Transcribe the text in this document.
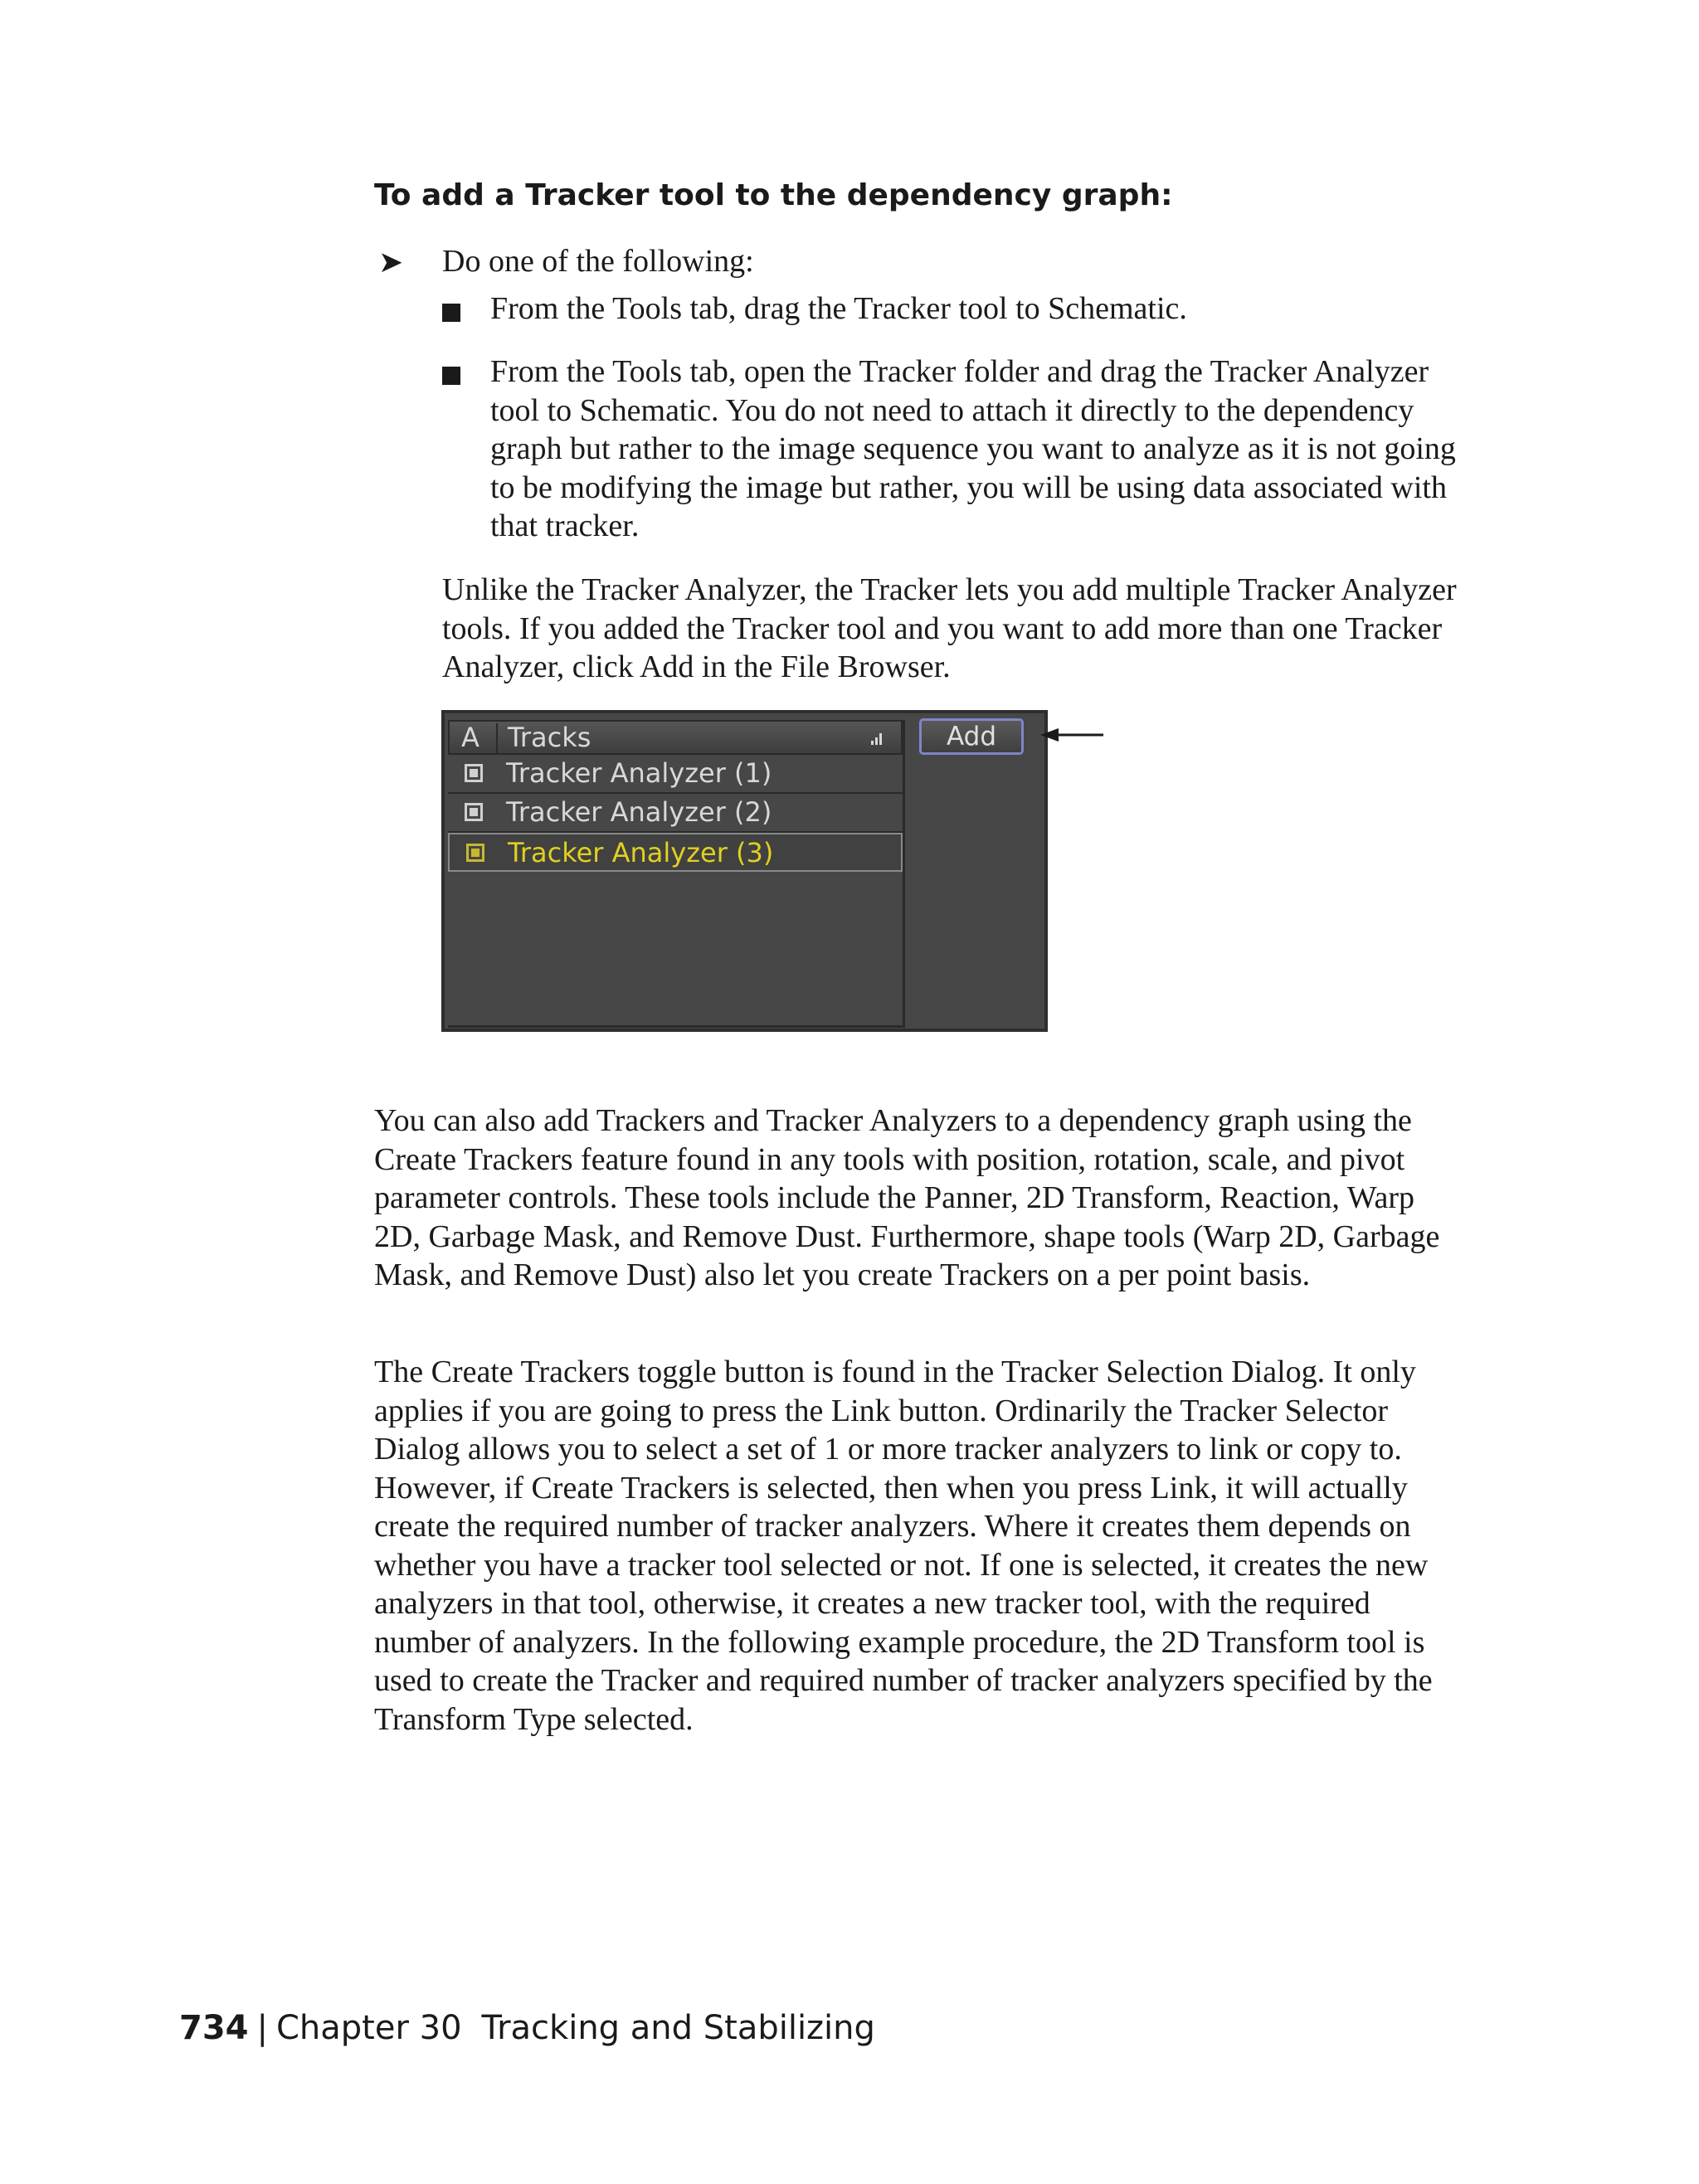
To add a Tracker tool to the dependency graph:
➤ Do one of the following:
From the Tools tab, drag the Tracker tool to Schematic.
From the Tools tab, open the Tracker folder and drag the Tracker Analyzer tool to Schematic. You do not need to attach it directly to the dependency graph but rather to the image sequence you want to analyze as it is not going to be modifying the image but rather, you will be using data associated with that tracker.
Unlike the Tracker Analyzer, the Tracker lets you add multiple Tracker Analyzer tools. If you added the Tracker tool and you want to add more than one Tracker Analyzer, click Add in the File Browser.
A Tracks
Tracker Analyzer (1)
Tracker Analyzer (2)
Tracker Analyzer (3)
Add
You can also add Trackers and Tracker Analyzers to a dependency graph using the Create Trackers feature found in any tools with position, rotation, scale, and pivot parameter controls. These tools include the Panner, 2D Transform, Reaction, Warp 2D, Garbage Mask, and Remove Dust. Furthermore, shape tools (Warp 2D, Garbage Mask, and Remove Dust) also let you create Trackers on a per point basis.
The Create Trackers toggle button is found in the Tracker Selection Dialog. It only applies if you are going to press the Link button. Ordinarily the Tracker Selector Dialog allows you to select a set of 1 or more tracker analyzers to link or copy to. However, if Create Trackers is selected, then when you press Link, it will actually create the required number of tracker analyzers. Where it creates them depends on whether you have a tracker tool selected or not. If one is selected, it creates the new analyzers in that tool, otherwise, it creates a new tracker tool, with the required number of analyzers. In the following example procedure, the 2D Transform tool is used to create the Tracker and required number of tracker analyzers specified by the Transform Type selected.
734 | Chapter 30 Tracking and Stabilizing
